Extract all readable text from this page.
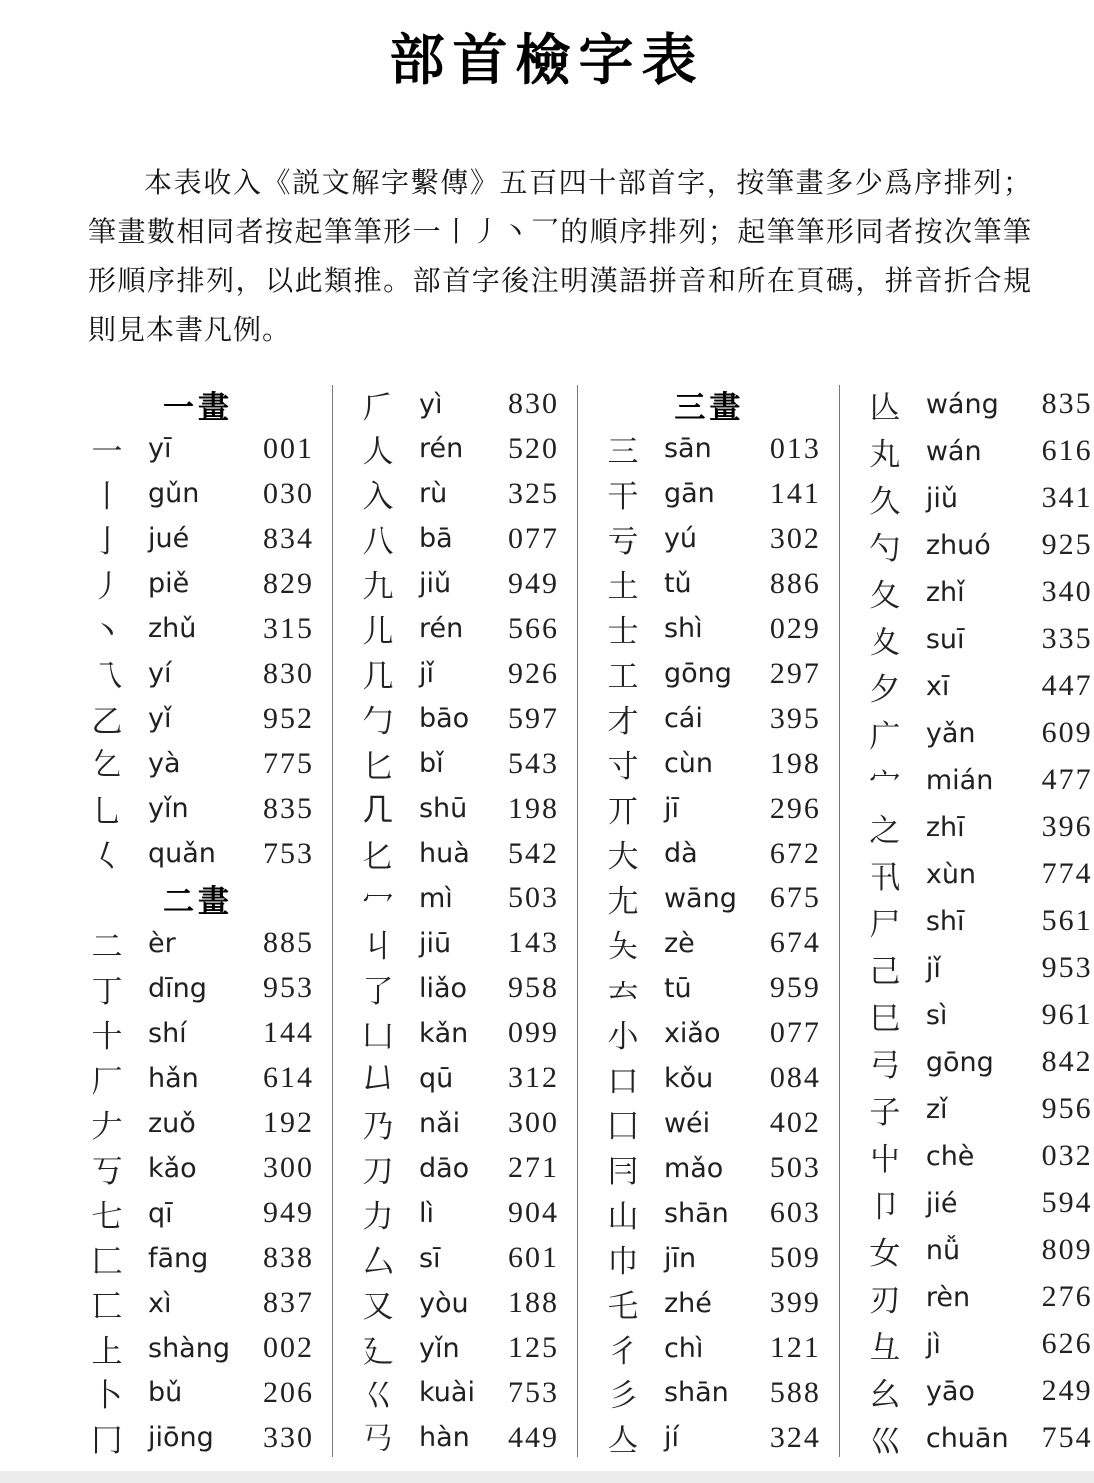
部首檢字表

本表收入《説文解字繫傳》五百四十部首字，按筆畫多少爲序排列；筆畫數相同者按起筆筆形一丨丿丶乛的順序排列；起筆筆形同者按次筆筆形順序排列，以此類推。部首字後注明漢語拼音和所在頁碼，拼音折合規則見本書凡例。

一畫
一 yī	001
丨 gǔn	030
亅 jué	834
丿 piě	829
丶 zhǔ	315
乁 yí	830
乙 yǐ	952
𠃉 yà	775
乚 yǐn	835
𡿨 quǎn	753
二畫
二 èr	885
丁 dīng	953
十 shí	144
厂 hǎn	614
𠂇 zuǒ	192
丂 kǎo	300
七 qī	949
匚 fāng	838
匸 xì	837
上 shàng	002
卜 bǔ	206
冂 jiōng	330
𠂆 yì	830
人 rén	520
入 rù	325
八 bā	077
九 jiǔ	949
儿 rén	566
几 jǐ	926
勹 bāo	597
匕 bǐ	543
𠘧 shū	198
𠤎 huà	542
冖 mì	503
丩 jiū	143
了 liǎo	958
凵 kǎn	099
𠙴 qū	312
乃 nǎi	300
刀 dāo	271
力 lì	904
厶 sī	601
又 yòu	188
廴 yǐn	125
巜 kuài	753
𢎘 hàn	449
三畫
三 sān	013
干 gān	141
亏 yú	302
土 tǔ	886
士 shì	029
工 gōng	297
才 cái	395
寸 cùn	198
丌 jī	296
大 dà	672
尢 wāng	675
夨 zè	674
𠫓 tū	959
小 xiǎo	077
口 kǒu	084
囗 wéi	402
冃 mǎo	503
山 shān	603
巾 jīn	509
乇 zhé	399
彳 chì	121
彡 shān	588
亼 jí	324
亾 wáng	835
丸 wán	616
久 jiǔ	341
勺 zhuó	925
夂 zhǐ	340
夊 suī	335
夕 xī	447
广 yǎn	609
宀 mián	477
之 zhī	396
卂 xùn	774
尸 shī	561
己 jǐ	953
巳 sì	961
弓 gōng	842
子 zǐ	956
屮 chè	032
卩 jié	594
女 nǚ	809
刃 rèn	276
彑 jì	626
幺 yāo	249
巛 chuān	754
